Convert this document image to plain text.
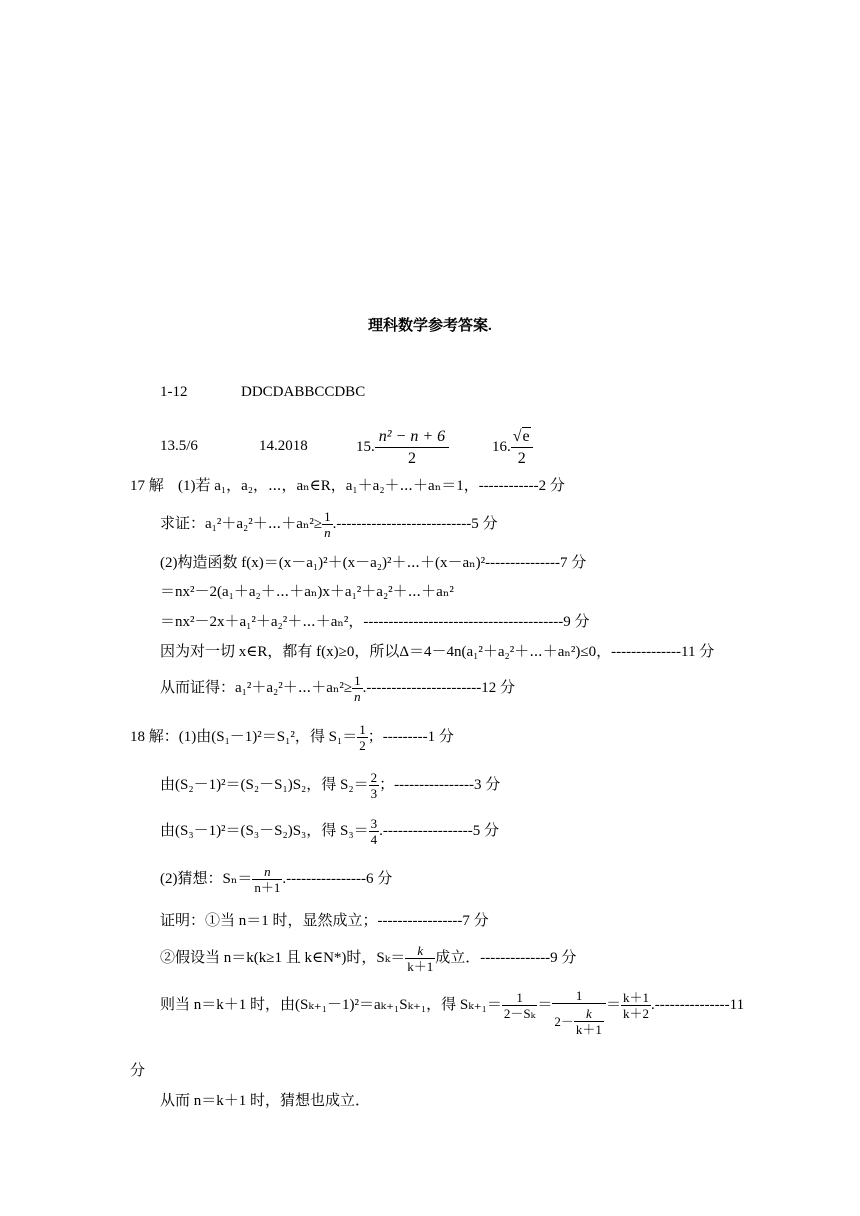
理科数学参考答案.
1-12	DDCDABBCCDBC
13.5/6	14.2018	15. $\frac{\text{n² − n + 6}}{2}$	16. $\frac{√e}{2}$
17 解 (1)若 a₁，a₂，⋯，aₙ∈R，a₁＋a₂＋⋯＋aₙ＝1，------------2 分
求证：a₁²＋a₂²＋⋯＋aₙ²≥ $\frac{1}{n} .---------------------------5$ 分
(2)构造函数 f(x)＝(x－a₁)²＋(x－a₂)²＋⋯＋(x－aₙ)²---------------7 分
＝nx²－2(a₁＋a₂＋⋯＋aₙ)x＋a₁²＋a₂²＋⋯＋aₙ²
＝nx²－2x＋a₁²＋a₂²＋⋯＋aₙ²，----------------------------------------9 分
因为对一切 x∈R，都有 f(x)≥0，所以Δ＝4－4n(a₁²＋a₂²＋⋯＋aₙ²)≤0，--------------11 分
从而证得：a₁²＋a₂²＋⋯＋aₙ²≥ $\frac{1}{n} .-----------------------12$ 分
18 解：(1)由(S₁－1)²＝S₁²，得 $S_1= \frac{1}{2}$ ；---------1 分
由(S₂－1)²＝(S₂－S₁)S₂，得 $S_2= \frac{2}{3}$ ；----------------3 分
由(S₃－1)²＝(S₃－S₂)S₃，得 $S_3= \frac{3}{4} .------------------5$ 分
(2)猜想：$S_n= \frac{n}{n+1} .----------------6$ 分
证明：①当 n＝1 时，显然成立；-----------------7 分
②假设当 n＝k(k≥1 且 k∈N*)时，$S_k= \frac{k}{k+1}$ 成立．--------------9 分
则当 n＝k＋1 时，由(Sₖ₊₁－1)²＝aₖ₊₁Sₖ₊₁，得 $S_{k+1}= \frac{1}{\text{2－Sₖ}} = \frac{1}{2- \frac{k}{k+1}} = \frac{k+1}{k+2} .---------------11$
分
从而 n＝k＋1 时，猜想也成立．
